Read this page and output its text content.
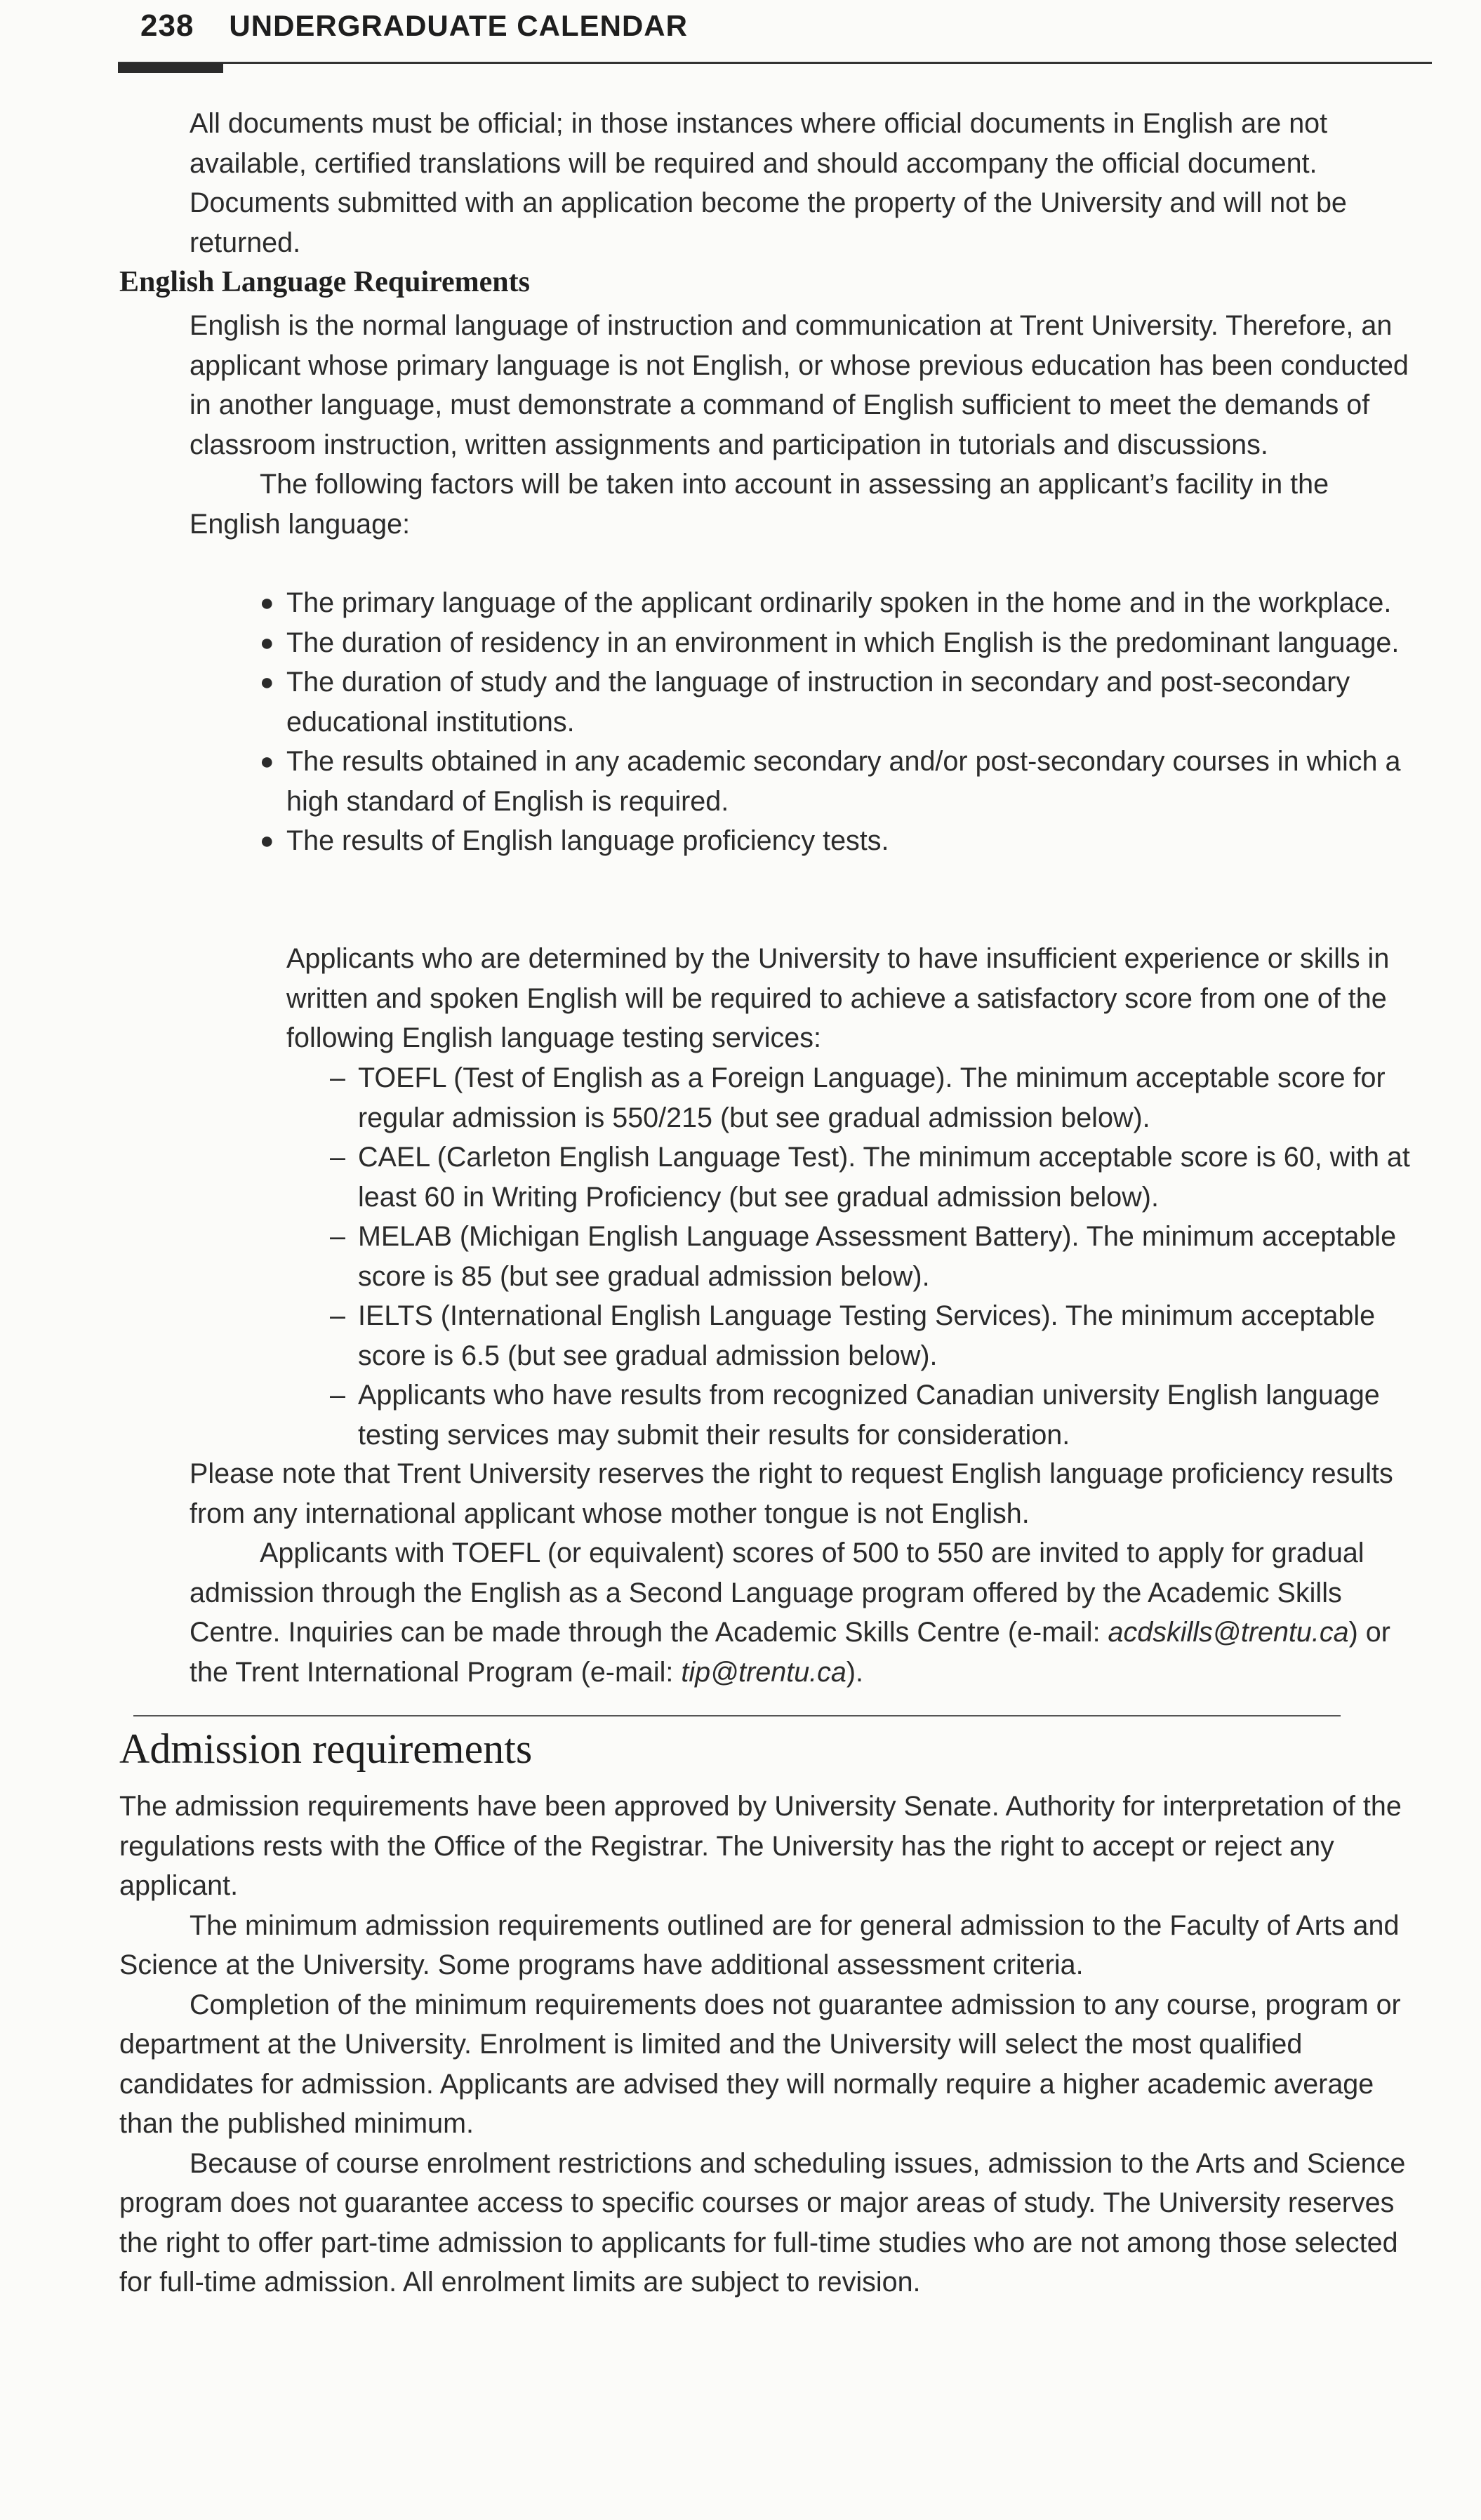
238 UNDERGRADUATE CALENDAR

All documents must be official; in those instances where official documents in English are not available, certified translations will be required and should accompany the official document. Documents submitted with an application become the property of the University and will not be returned.

English Language Requirements

English is the normal language of instruction and communication at Trent University. Therefore, an applicant whose primary language is not English, or whose previous education has been conducted in another language, must demonstrate a command of English sufficient to meet the demands of classroom instruction, written assignments and participation in tutorials and discussions.

The following factors will be taken into account in assessing an applicant’s facility in the English language:

● The primary language of the applicant ordinarily spoken in the home and in the workplace.
● The duration of residency in an environment in which English is the predominant language.
● The duration of study and the language of instruction in secondary and post-secondary educational institutions.
● The results obtained in any academic secondary and/or post-secondary courses in which a high standard of English is required.
● The results of English language proficiency tests.

Applicants who are determined by the University to have insufficient experience or skills in written and spoken English will be required to achieve a satisfactory score from one of the following English language testing services:

– TOEFL (Test of English as a Foreign Language). The minimum acceptable score for regular admission is 550/215 (but see gradual admission below).
– CAEL (Carleton English Language Test). The minimum acceptable score is 60, with at least 60 in Writing Proficiency (but see gradual admission below).
– MELAB (Michigan English Language Assessment Battery). The minimum acceptable score is 85 (but see gradual admission below).
– IELTS (International English Language Testing Services). The minimum acceptable score is 6.5 (but see gradual admission below).
– Applicants who have results from recognized Canadian university English language testing services may submit their results for consideration.

Please note that Trent University reserves the right to request English language proficiency results from any international applicant whose mother tongue is not English.

Applicants with TOEFL (or equivalent) scores of 500 to 550 are invited to apply for gradual admission through the English as a Second Language program offered by the Academic Skills Centre. Inquiries can be made through the Academic Skills Centre (e-mail: acdskills@trentu.ca) or the Trent International Program (e-mail: tip@trentu.ca).

Admission requirements

The admission requirements have been approved by University Senate. Authority for interpretation of the regulations rests with the Office of the Registrar. The University has the right to accept or reject any applicant.

The minimum admission requirements outlined are for general admission to the Faculty of Arts and Science at the University. Some programs have additional assessment criteria.

Completion of the minimum requirements does not guarantee admission to any course, program or department at the University. Enrolment is limited and the University will select the most qualified candidates for admission. Applicants are advised they will normally require a higher academic average than the published minimum.

Because of course enrolment restrictions and scheduling issues, admission to the Arts and Science program does not guarantee access to specific courses or major areas of study. The University reserves the right to offer part-time admission to applicants for full-time studies who are not among those selected for full-time admission. All enrolment limits are subject to revision.
